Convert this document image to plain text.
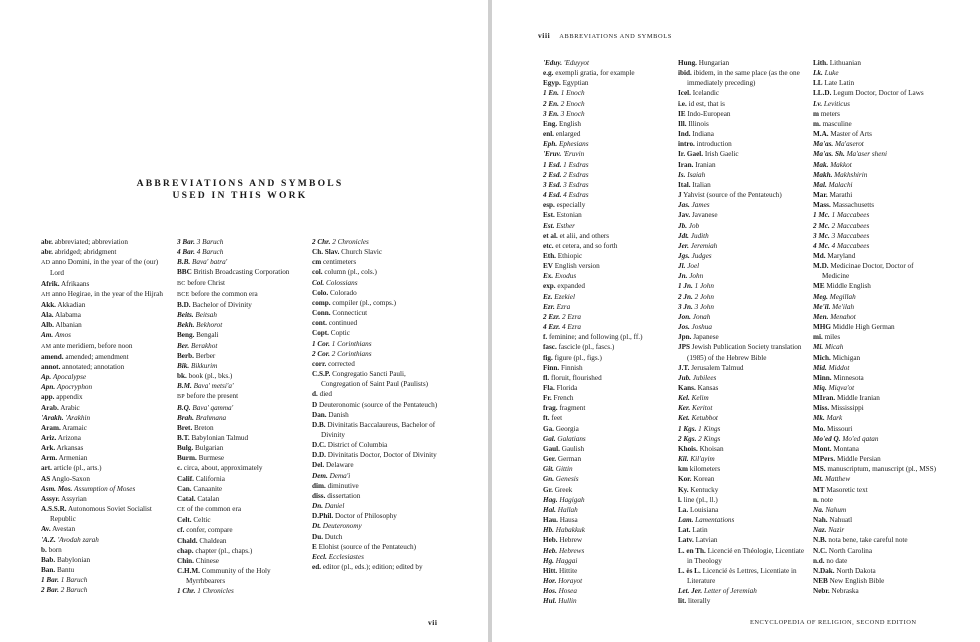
ABBREVIATIONS AND SYMBOLS
USED IN THIS WORK
abr. abbreviated; abbreviation
abr. abridged; abridgment
AD anno Domini, in the year of the (our) Lord
Afrik. Afrikaans
AH anno Hegirae, in the year of the Hijrah
Akk. Akkadian
Ala. Alabama
Alb. Albanian
Am. Amos
AM ante meridiem, before noon
amend. amended; amendment
annot. annotated; annotation
Ap. Apocalypse
Apn. Apocryphon
app. appendix
Arab. Arabic
'Arakh. 'Arakhin
Aram. Aramaic
Ariz. Arizona
Ark. Arkansas
Arm. Armenian
art. article (pl., arts.)
AS Anglo-Saxon
Asm. Mos. Assumption of Moses
Assyr. Assyrian
A.S.S.R. Autonomous Soviet Socialist Republic
Av. Avestan
'A.Z. 'Avodah zarah
b. born
Bab. Babylonian
Ban. Bantu
1 Bar. 1 Baruch
2 Bar. 2 Baruch
3 Bar. 3 Baruch
4 Bar. 4 Baruch
B.B. Bava' batra'
BBC British Broadcasting Corporation
BC before Christ
BCE before the common era
B.D. Bachelor of Divinity
Beits. Beitsah
Bekh. Bekhorot
Beng. Bengali
Ber. Berakhot
Berb. Berber
Bik. Bikkurim
bk. book (pl., bks.)
B.M. Bava' metsi'a'
BP before the present
B.Q. Bava' qamma'
Brah. Brahmana
Bret. Breton
B.T. Babylonian Talmud
Bulg. Bulgarian
Burm. Burmese
c. circa, about, approximately
Calif. California
Can. Canaanite
Catal. Catalan
CE of the common era
Celt. Celtic
cf. confer, compare
Chald. Chaldean
chap. chapter (pl., chaps.)
Chin. Chinese
C.H.M. Community of the Holy Myrrhbearers
1 Chr. 1 Chronicles
2 Chr. 2 Chronicles
Ch. Slav. Church Slavic
cm centimeters
col. column (pl., cols.)
Col. Colossians
Colo. Colorado
comp. compiler (pl., comps.)
Conn. Connecticut
cont. continued
Copt. Coptic
1 Cor. 1 Corinthians
2 Cor. 2 Corinthians
corr. corrected
C.S.P. Congregatio Sancti Pauli, Congregation of Saint Paul (Paulists)
d. died
D Deuteronomic (source of the Pentateuch)
Dan. Danish
D.B. Divinitatis Baccalaureus, Bachelor of Divinity
D.C. District of Columbia
D.D. Divinitatis Doctor, Doctor of Divinity
Del. Delaware
Dem. Dema'i
dim. diminutive
diss. dissertation
Dn. Daniel
D.Phil. Doctor of Philosophy
Dt. Deuteronomy
Du. Dutch
E Elohist (source of the Pentateuch)
Eccl. Ecclesiastes
ed. editor (pl., eds.); edition; edited by
vii
viii ABBREVIATIONS AND SYMBOLS
'Eduy. 'Eduyyot
e.g. exempli gratia, for example
Egyp. Egyptian
1 En. 1 Enoch
2 En. 2 Enoch
3 En. 3 Enoch
Eng. English
enl. enlarged
Eph. Ephesians
'Eruv. 'Eruvin
1 Esd. 1 Esdras
2 Esd. 2 Esdras
3 Esd. 3 Esdras
4 Esd. 4 Esdras
esp. especially
Est. Estonian
Est. Esther
et al. et alii, and others
etc. et cetera, and so forth
Eth. Ethiopic
EV English version
Ex. Exodus
exp. expanded
Ez. Ezekiel
Ezr. Ezra
2 Ezr. 2 Ezra
4 Ezr. 4 Ezra
f. feminine; and following (pl., ff.)
fasc. fascicle (pl., fascs.)
fig. figure (pl., figs.)
Finn. Finnish
fl. floruit, flourished
Fla. Florida
Fr. French
frag. fragment
ft. feet
Ga. Georgia
Gal. Galatians
Gaul. Gaulish
Ger. German
Git. Gittin
Gn. Genesis
Gr. Greek
Hag. Hagigah
Hal. Hallah
Hau. Hausa
Hb. Habakkuk
Heb. Hebrew
Heb. Hebrews
Hg. Haggai
Hitt. Hittite
Hor. Horayot
Hos. Hosea
Hul. Hullin
Hung. Hungarian
ibid. ibidem, in the same place (as the one immediately preceding)
Icel. Icelandic
i.e. id est, that is
IE Indo-European
Ill. Illinois
Ind. Indiana
intro. introduction
Ir. Gael. Irish Gaelic
Iran. Iranian
Is. Isaiah
Ital. Italian
J Yahvist (source of the Pentateuch)
Jas. James
Jav. Javanese
Jb. Job
Jdt. Judith
Jer. Jeremiah
Jgs. Judges
Jl. Joel
Jn. John
1 Jn. 1 John
2 Jn. 2 John
3 Jn. 3 John
Jon. Jonah
Jos. Joshua
Jpn. Japanese
JPS Jewish Publication Society translation (1985) of the Hebrew Bible
J.T. Jerusalem Talmud
Jub. Jubilees
Kans. Kansas
Kel. Kelim
Ker. Keritot
Ket. Ketubbot
1 Kgs. 1 Kings
2 Kgs. 2 Kings
Khois. Khoisan
Kil. Kil'ayim
km kilometers
Kor. Korean
Ky. Kentucky
l. line (pl., ll.)
La. Louisiana
Lam. Lamentations
Lat. Latin
Latv. Latvian
L. en Th. Licencié en Théologie, Licentiate in Theology
L. ès L. Licencié ès Lettres, Licentiate in Literature
Let. Jer. Letter of Jeremiah
lit. literally
Lith. Lithuanian
Lk. Luke
LL Late Latin
LL.D. Legum Doctor, Doctor of Laws
Lv. Leviticus
m meters
m. masculine
M.A. Master of Arts
Ma'as. Ma'aserot
Ma'as. Sh. Ma'aser sheni
Mak. Makkot
Makh. Makhshirin
Mal. Malachi
Mar. Marathi
Mass. Massachusetts
1 Mc. 1 Maccabees
2 Mc. 2 Maccabees
3 Mc. 3 Maccabees
4 Mc. 4 Maccabees
Md. Maryland
M.D. Medicinae Doctor, Doctor of Medicine
ME Middle English
Meg. Megillah
Me'il. Me'ilah
Men. Menahot
MHG Middle High German
mi. miles
Mi. Micah
Mich. Michigan
Mid. Middot
Minn. Minnesota
Miq. Miqva'ot
MIran. Middle Iranian
Miss. Mississippi
Mk. Mark
Mo. Missouri
Mo'ed Q. Mo'ed qatan
Mont. Montana
MPers. Middle Persian
MS. manuscriptum, manuscript (pl., MSS)
Mt. Matthew
MT Masoretic text
n. note
Na. Nahum
Nah. Nahuatl
Naz. Nazir
N.B. nota bene, take careful note
N.C. North Carolina
n.d. no date
N.Dak. North Dakota
NEB New English Bible
Nebr. Nebraska
ENCYCLOPEDIA OF RELIGION, SECOND EDITION
